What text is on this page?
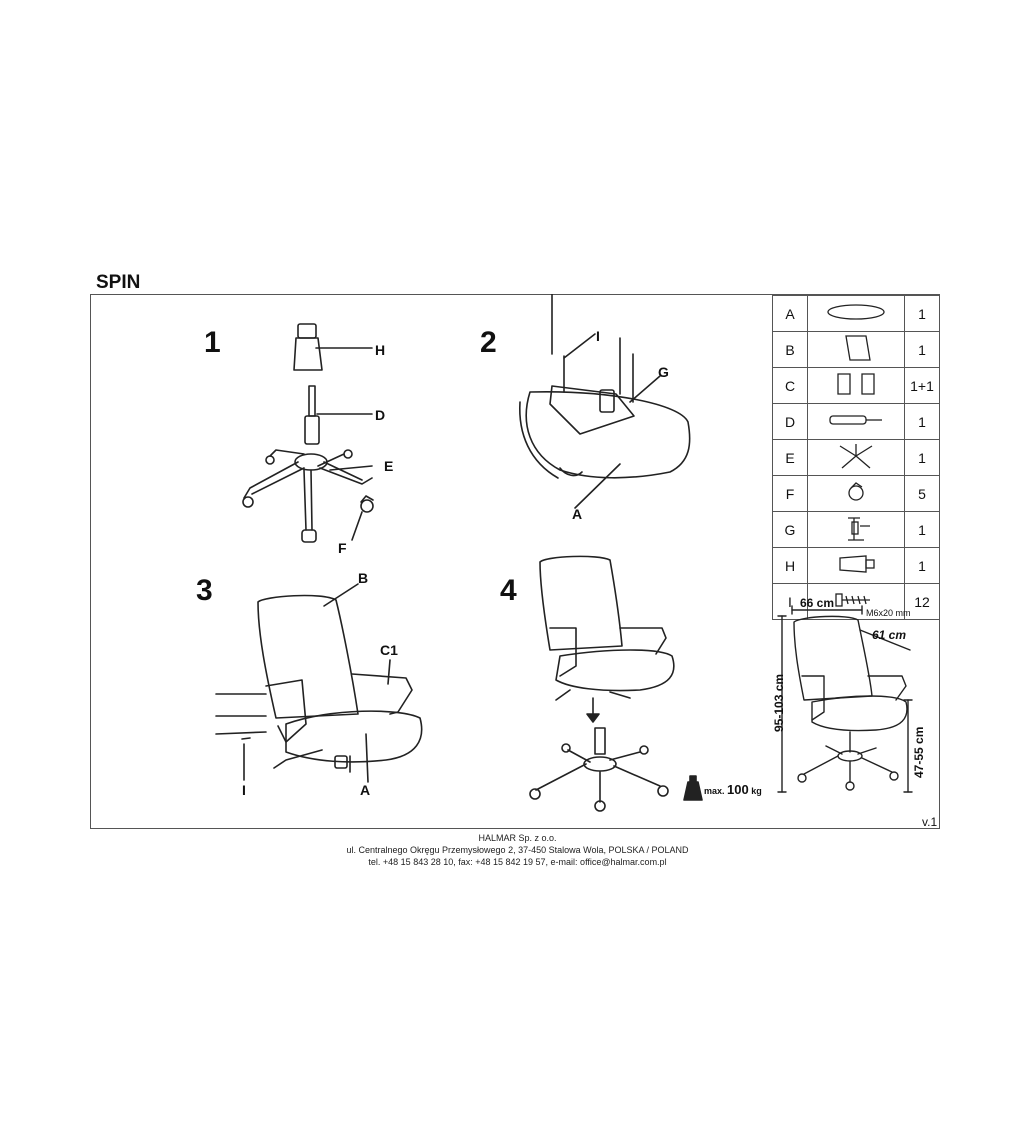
SPIN
1	2
3	4
H
D
E
F
I
G
A
B
C1
I	A	max. 100 kg
A		1
B		1
C		1+1
D		1
E		1
F		5
G		1
H		1
I	M6x20 mm	12
66 cm
61 cm
95-103 cm
47-55 cm
v.1
HALMAR Sp. z o.o.
ul. Centralnego Okręgu Przemysłowego 2, 37-450 Stalowa Wola, POLSKA / POLAND
tel. +48 15 843 28 10, fax: +48 15 842 19 57, e-mail: office@halmar.com.pl
